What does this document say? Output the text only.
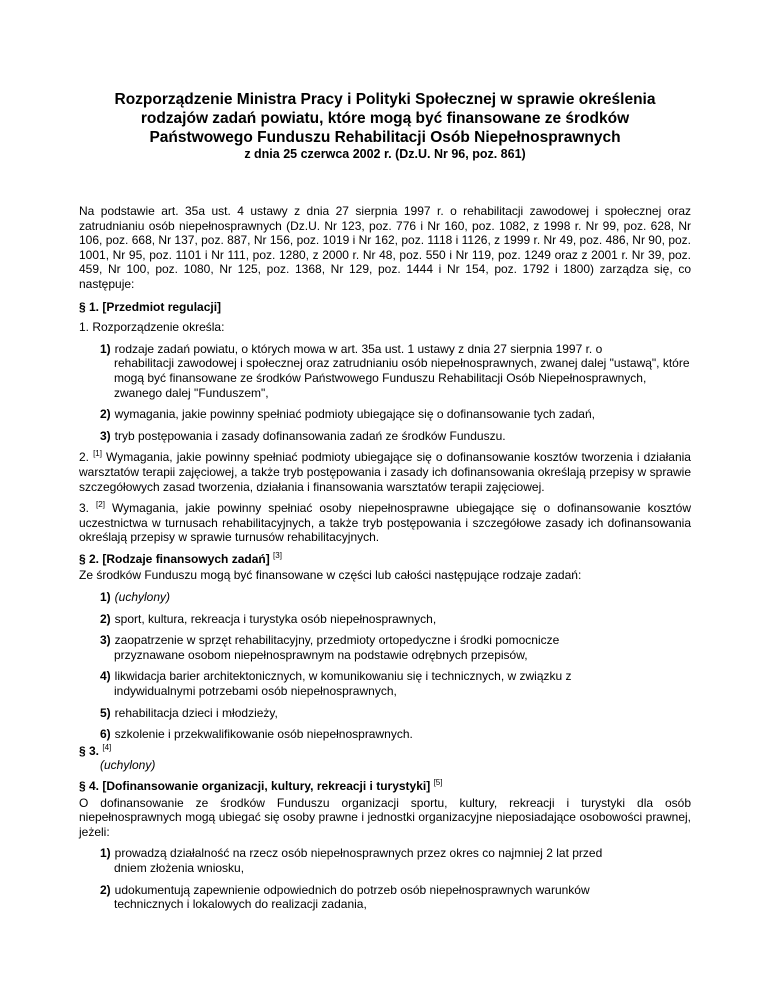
Rozporządzenie Ministra Pracy i Polityki Społecznej w sprawie określenia
rodzajów zadań powiatu, które mogą być finansowane ze środków
Państwowego Funduszu Rehabilitacji Osób Niepełnosprawnych
z dnia 25 czerwca 2002 r. (Dz.U. Nr 96, poz. 861)

Na podstawie art. 35a ust. 4 ustawy z dnia 27 sierpnia 1997 r. o rehabilitacji zawodowej i społecznej oraz zatrudnianiu osób niepełnosprawnych (Dz.U. Nr 123, poz. 776 i Nr 160, poz. 1082, z 1998 r. Nr 99, poz. 628, Nr 106, poz. 668, Nr 137, poz. 887, Nr 156, poz. 1019 i Nr 162, poz. 1118 i 1126, z 1999 r. Nr 49, poz. 486, Nr 90, poz. 1001, Nr 95, poz. 1101 i Nr 111, poz. 1280, z 2000 r. Nr 48, poz. 550 i Nr 119, poz. 1249 oraz z 2001 r. Nr 39, poz. 459, Nr 100, poz. 1080, Nr 125, poz. 1368, Nr 129, poz. 1444 i Nr 154, poz. 1792 i 1800) zarządza się, co następuje:

§ 1. [Przedmiot regulacji]

1. Rozporządzenie określa:

1) rodzaje zadań powiatu, o których mowa w art. 35a ust. 1 ustawy z dnia 27 sierpnia 1997 r. o
rehabilitacji zawodowej i społecznej oraz zatrudnianiu osób niepełnosprawnych, zwanej dalej "ustawą", które mogą być finansowane ze środków Państwowego Funduszu Rehabilitacji Osób Niepełnosprawnych, zwanego dalej "Funduszem",
2) wymagania, jakie powinny spełniać podmioty ubiegające się o dofinansowanie tych zadań,
3) tryb postępowania i zasady dofinansowania zadań ze środków Funduszu.

2. [1] Wymagania, jakie powinny spełniać podmioty ubiegające się o dofinansowanie kosztów tworzenia i działania warsztatów terapii zajęciowej, a także tryb postępowania i zasady ich dofinansowania określają przepisy w sprawie szczegółowych zasad tworzenia, działania i finansowania warsztatów terapii zajęciowej.

3. [2] Wymagania, jakie powinny spełniać osoby niepełnosprawne ubiegające się o dofinansowanie kosztów uczestnictwa w turnusach rehabilitacyjnych, a także tryb postępowania i szczegółowe zasady ich dofinansowania określają przepisy w sprawie turnusów rehabilitacyjnych.

§ 2. [Rodzaje finansowych zadań] [3]

Ze środków Funduszu mogą być finansowane w części lub całości następujące rodzaje zadań:

1) (uchylony)
2) sport, kultura, rekreacja i turystyka osób niepełnosprawnych,
3) zaopatrzenie w sprzęt rehabilitacyjny, przedmioty ortopedyczne i środki pomocnicze
przyznawane osobom niepełnosprawnym na podstawie odrębnych przepisów,
4) likwidacja barier architektonicznych, w komunikowaniu się i technicznych, w związku z
indywidualnymi potrzebami osób niepełnosprawnych,
5) rehabilitacja dzieci i młodzieży,
6) szkolenie i przekwalifikowanie osób niepełnosprawnych.
§ 3. [4]
(uchylony)
§ 4. [Dofinansowanie organizacji, kultury, rekreacji i turystyki] [5]

O dofinansowanie ze środków Funduszu organizacji sportu, kultury, rekreacji i turystyki dla osób niepełnosprawnych mogą ubiegać się osoby prawne i jednostki organizacyjne nieposiadające osobowości prawnej, jeżeli:

1) prowadzą działalność na rzecz osób niepełnosprawnych przez okres co najmniej 2 lat przed
dniem złożenia wniosku,
2) udokumentują zapewnienie odpowiednich do potrzeb osób niepełnosprawnych warunków
technicznych i lokalowych do realizacji zadania,
